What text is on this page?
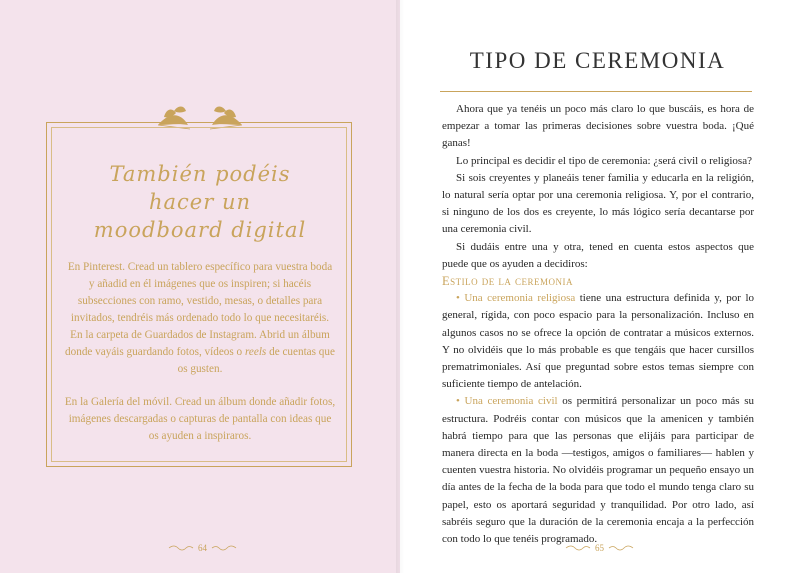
También podéis
hacer un
moodboard digital

En Pinterest. Cread un tablero específico para vuestra boda y añadid en él imágenes que os inspiren; si hacéis subsecciones con ramo, vestido, mesas, o detalles para invitados, tendréis más ordenado todo lo que necesitaréis. En la carpeta de Guardados de Instagram. Abrid un álbum donde vayáis guardando fotos, vídeos o reels de cuentas que os gusten.

En la Galería del móvil. Cread un álbum donde añadir fotos, imágenes descargadas o capturas de pantalla con ideas que os ayuden a inspiraros.

64
TIPO DE CEREMONIA

Ahora que ya tenéis un poco más claro lo que buscáis, es hora de empezar a tomar las primeras decisiones sobre vuestra boda. ¡Qué ganas!

Lo principal es decidir el tipo de ceremonia: ¿será civil o religiosa?

Si sois creyentes y planeáis tener familia y educarla en la religión, lo natural sería optar por una ceremonia religiosa. Y, por el contrario, si ninguno de los dos es creyente, lo más lógico sería decantarse por una ceremonia civil.

Si dudáis entre una y otra, tened en cuenta estos aspectos que puede que os ayuden a decidiros:

Estilo de la ceremonia

• Una ceremonia religiosa tiene una estructura definida y, por lo general, rígida, con poco espacio para la personalización. Incluso en algunos casos no se ofrece la opción de contratar a músicos externos. Y no olvidéis que lo más probable es que tengáis que hacer cursillos prematrimoniales. Así que preguntad sobre estos temas siempre con suficiente tiempo de antelación.

• Una ceremonia civil os permitirá personalizar un poco más su estructura. Podréis contar con músicos que la amenicen y también habrá tiempo para que las personas que elijáis para participar de manera directa en la boda —testigos, amigos o familiares— hablen y cuenten vuestra historia. No olvidéis programar un pequeño ensayo un día antes de la fecha de la boda para que todo el mundo tenga claro su papel, esto os aportará seguridad y tranquilidad. Por otro lado, así sabréis seguro que la duración de la ceremonia encaja a la perfección con todo lo que tenéis programado.

65
